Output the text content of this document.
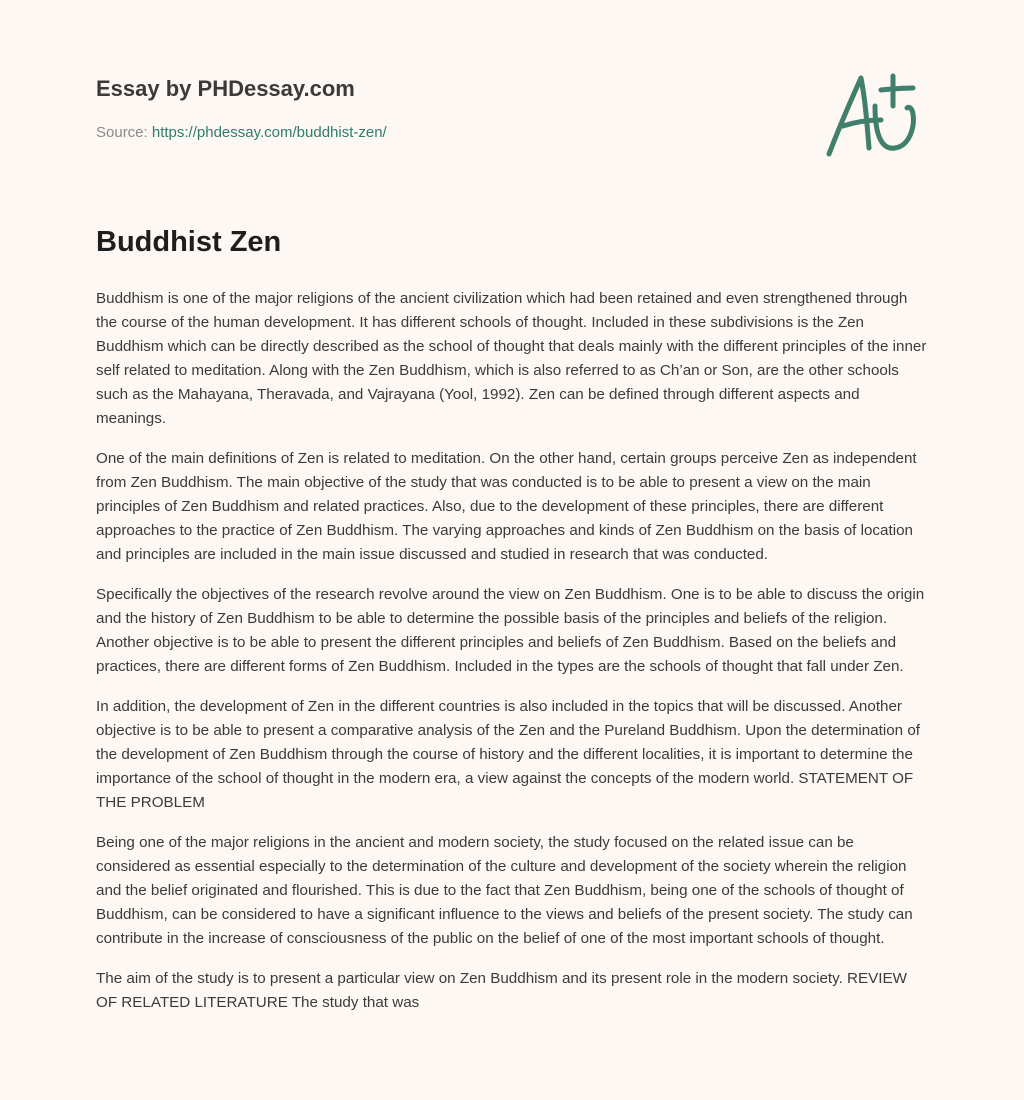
Essay by PHDessay.com
Source: https://phdessay.com/buddhist-zen/
Buddhist Zen

Buddhism is one of the major religions of the ancient civilization which had been retained and even strengthened through the course of the human development. It has different schools of thought. Included in these subdivisions is the Zen Buddhism which can be directly described as the school of thought that deals mainly with the different principles of the inner self related to meditation. Along with the Zen Buddhism, which is also referred to as Ch’an or Son, are the other schools such as the Mahayana, Theravada, and Vajrayana (Yool, 1992). Zen can be defined through different aspects and meanings.

One of the main definitions of Zen is related to meditation. On the other hand, certain groups perceive Zen as independent from Zen Buddhism. The main objective of the study that was conducted is to be able to present a view on the main principles of Zen Buddhism and related practices. Also, due to the development of these principles, there are different approaches to the practice of Zen Buddhism. The varying approaches and kinds of Zen Buddhism on the basis of location and principles are included in the main issue discussed and studied in research that was conducted.

Specifically the objectives of the research revolve around the view on Zen Buddhism. One is to be able to discuss the origin and the history of Zen Buddhism to be able to determine the possible basis of the principles and beliefs of the religion. Another objective is to be able to present the different principles and beliefs of Zen Buddhism. Based on the beliefs and practices, there are different forms of Zen Buddhism. Included in the types are the schools of thought that fall under Zen.

In addition, the development of Zen in the different countries is also included in the topics that will be discussed. Another objective is to be able to present a comparative analysis of the Zen and the Pureland Buddhism. Upon the determination of the development of Zen Buddhism through the course of history and the different localities, it is important to determine the importance of the school of thought in the modern era, a view against the concepts of the modern world. STATEMENT OF THE PROBLEM

Being one of the major religions in the ancient and modern society, the study focused on the related issue can be considered as essential especially to the determination of the culture and development of the society wherein the religion and the belief originated and flourished. This is due to the fact that Zen Buddhism, being one of the schools of thought of Buddhism, can be considered to have a significant influence to the views and beliefs of the present society. The study can contribute in the increase of consciousness of the public on the belief of one of the most important schools of thought.

The aim of the study is to present a particular view on Zen Buddhism and its present role in the modern society. REVIEW OF RELATED LITERATURE The study that was
